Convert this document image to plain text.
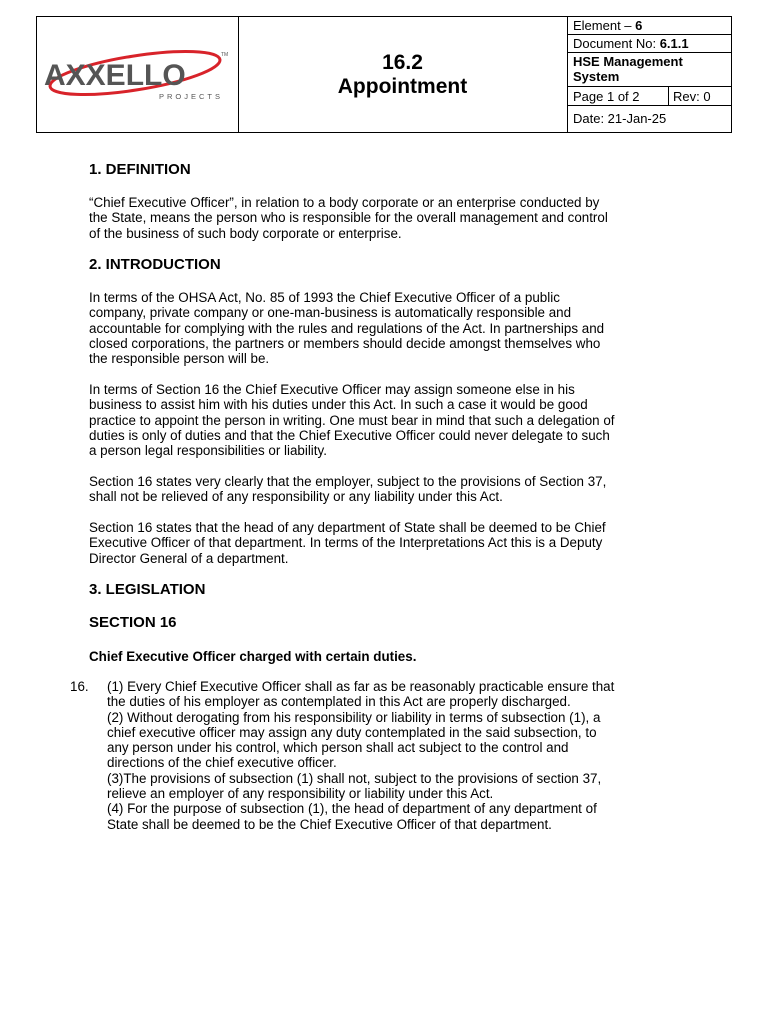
AXXELLO
PROJECTS
TM	16.2
Appointment
Element – 6
Document No: 6.1.1
HSE Management System
Page 1 of 2	Rev: 0
Date: 21-Jan-25
1. DEFINITION
“Chief Executive Officer”, in relation to a body corporate or an enterprise conducted by
the State, means the person who is responsible for the overall management and control
of the business of such body corporate or enterprise.
2. INTRODUCTION
In terms of the OHSA Act, No. 85 of 1993 the Chief Executive Officer of a public
company, private company or one-man-business is automatically responsible and
accountable for complying with the rules and regulations of the Act. In partnerships and
closed corporations, the partners or members should decide amongst themselves who
the responsible person will be.
In terms of Section 16 the Chief Executive Officer may assign someone else in his
business to assist him with his duties under this Act. In such a case it would be good
practice to appoint the person in writing. One must bear in mind that such a delegation of
duties is only of duties and that the Chief Executive Officer could never delegate to such
a person legal responsibilities or liability.
Section 16 states very clearly that the employer, subject to the provisions of Section 37,
shall not be relieved of any responsibility or any liability under this Act.
Section 16 states that the head of any department of State shall be deemed to be Chief
Executive Officer of that department. In terms of the Interpretations Act this is a Deputy
Director General of a department.
3. LEGISLATION
SECTION 16
Chief Executive Officer charged with certain duties.
16. (1) Every Chief Executive Officer shall as far as be reasonably practicable ensure that
the duties of his employer as contemplated in this Act are properly discharged.
(2) Without derogating from his responsibility or liability in terms of subsection (1), a
chief executive officer may assign any duty contemplated in the said subsection, to
any person under his control, which person shall act subject to the control and
directions of the chief executive officer.
(3)The provisions of subsection (1) shall not, subject to the provisions of section 37,
relieve an employer of any responsibility or liability under this Act.
(4) For the purpose of subsection (1), the head of department of any department of
State shall be deemed to be the Chief Executive Officer of that department.
